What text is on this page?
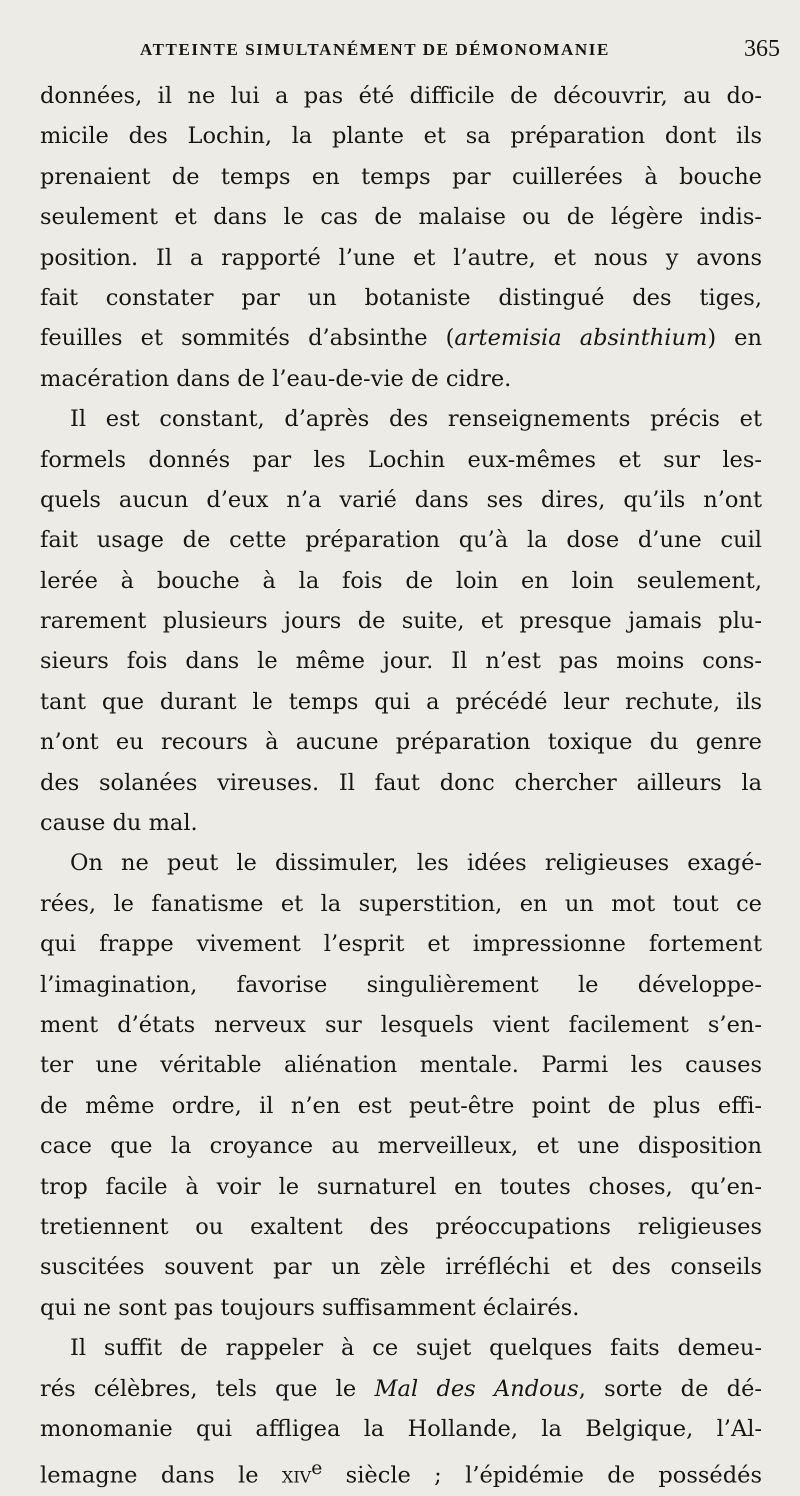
ATTEINTE SIMULTANÉMENT DE DÉMONOMANIE	365
données, il ne lui a pas été difficile de découvrir, au do-
micile des Lochin, la plante et sa préparation dont ils
prenaient de temps en temps par cuillerées à bouche
seulement et dans le cas de malaise ou de légère indis-
position. Il a rapporté l’une et l’autre, et nous y avons
fait constater par un botaniste distingué des tiges,
feuilles et sommités d’absinthe (artemisia absinthium) en
macération dans de l’eau-de-vie de cidre.
Il est constant, d’après des renseignements précis et
formels donnés par les Lochin eux-mêmes et sur les-
quels aucun d’eux n’a varié dans ses dires, qu’ils n’ont
fait usage de cette préparation qu’à la dose d’une cuil
lerée à bouche à la fois de loin en loin seulement,
rarement plusieurs jours de suite, et presque jamais plu-
sieurs fois dans le même jour. Il n’est pas moins cons-
tant que durant le temps qui a précédé leur rechute, ils
n’ont eu recours à aucune préparation toxique du genre
des solanées vireuses. Il faut donc chercher ailleurs la
cause du mal.
On ne peut le dissimuler, les idées religieuses exagé-
rées, le fanatisme et la superstition, en un mot tout ce
qui frappe vivement l’esprit et impressionne fortement
l’imagination, favorise singulièrement le développe-
ment d’états nerveux sur lesquels vient facilement s’en-
ter une véritable aliénation mentale. Parmi les causes
de même ordre, il n’en est peut-être point de plus effi-
cace que la croyance au merveilleux, et une disposition
trop facile à voir le surnaturel en toutes choses, qu’en-
tretiennent ou exaltent des préoccupations religieuses
suscitées souvent par un zèle irréfléchi et des conseils
qui ne sont pas toujours suffisamment éclairés.
Il suffit de rappeler à ce sujet quelques faits demeu-
rés célèbres, tels que le Mal des Andous, sorte de dé-
monomanie qui affligea la Hollande, la Belgique, l’Al-
lemagne dans le xiv$^e$ siècle ; l’épidémie de possédés
